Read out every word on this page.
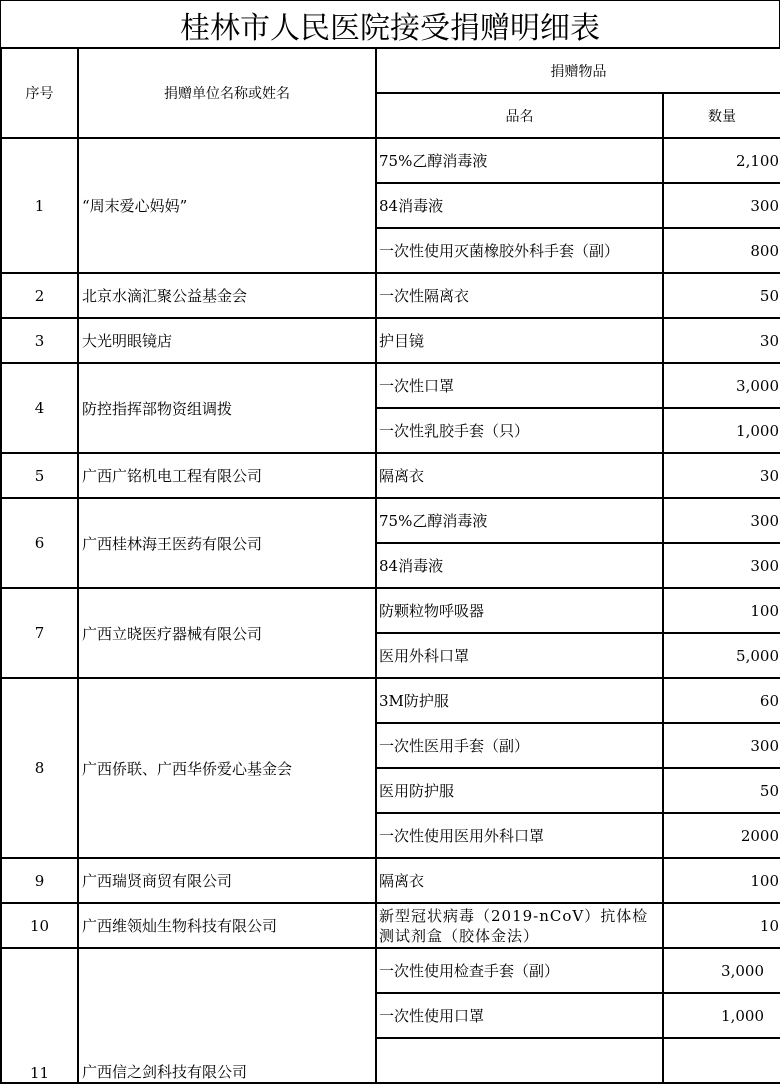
桂林市人民医院接受捐赠明细表
序号	捐赠单位名称或姓名	捐赠物品	
		品名	数量
1	“周末爱心妈妈”	75%乙醇消毒液	2,100
		84消毒液	300
		一次性使用灭菌橡胶外科手套（副）	800
2	北京水滴汇聚公益基金会	一次性隔离衣	50
3	大光明眼镜店	护目镜	30
4	防控指挥部物资组调拨	一次性口罩	3,000
		一次性乳胶手套（只）	1,000
5	广西广铭机电工程有限公司	隔离衣	30
6	广西桂林海王医药有限公司	75%乙醇消毒液	300
		84消毒液	300
7	广西立晓医疗器械有限公司	防颗粒物呼吸器	100
		医用外科口罩	5,000
8	广西侨联、广西华侨爱心基金会	3M防护服	60
		一次性医用手套（副）	300
		医用防护服	50
		一次性使用医用外科口罩	2000
9	广西瑞贤商贸有限公司	隔离衣	100
10	广西维领灿生物科技有限公司	新型冠状病毒（2019-nCoV）抗体检测试剂盒（胶体金法）	10
11	广西信之剑科技有限公司	一次性使用检查手套（副）	3,000
		一次性使用口罩	1,000
